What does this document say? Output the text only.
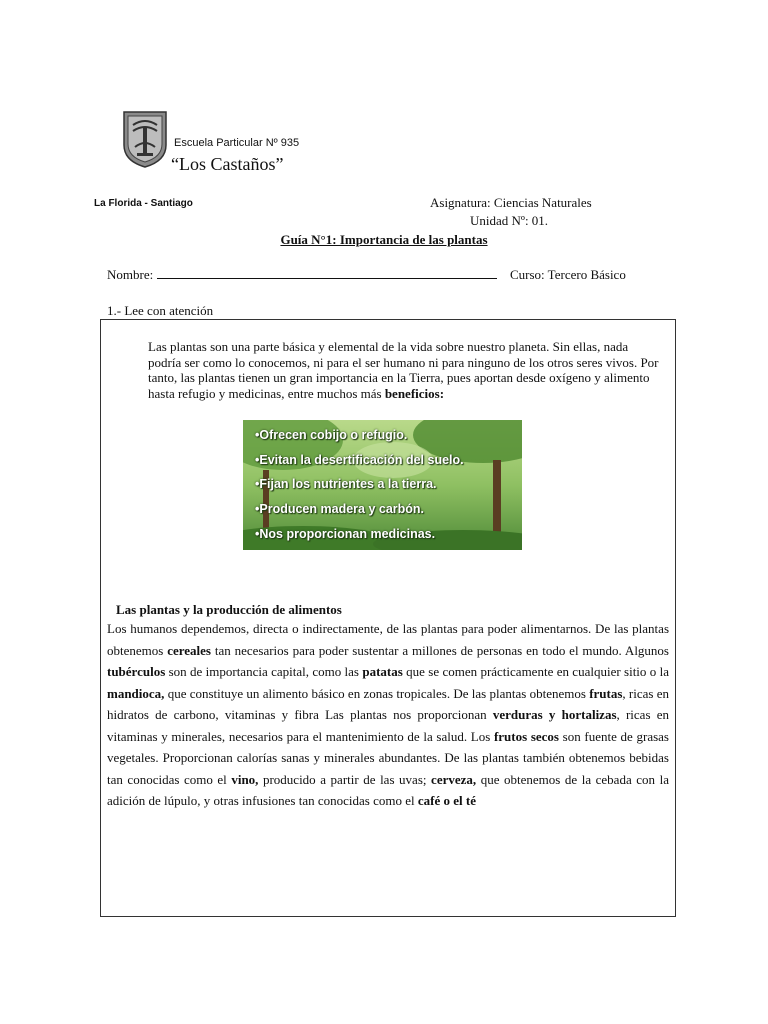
Escuela Particular Nº 935
“Los Castaños”
La Florida - Santiago	Asignatura: Ciencias Naturales
Unidad Nº: 01.
Guía N°1: Importancia de las plantas
Nombre:	Curso: Tercero Básico
1.- Lee con atención
Las plantas son una parte básica y elemental de la vida sobre nuestro planeta. Sin ellas, nada podría ser como lo conocemos, ni para el ser humano ni para ninguno de los otros seres vivos. Por tanto, las plantas tienen un gran importancia en la Tierra, pues aportan desde oxígeno y alimento hasta refugio y medicinas, entre muchos más beneficios:
•Ofrecen cobijo o refugio.
•Evitan la desertificación del suelo.
•Fijan los nutrientes a la tierra.
•Producen madera y carbón.
•Nos proporcionan medicinas.
Las plantas y la producción de alimentos
Los humanos dependemos, directa o indirectamente, de las plantas para poder alimentarnos. De las plantas obtenemos cereales tan necesarios para poder sustentar a millones de personas en todo el mundo. Algunos tubérculos son de importancia capital, como las patatas que se comen prácticamente en cualquier sitio o la mandioca, que constituye un alimento básico en zonas tropicales. De las plantas obtenemos frutas, ricas en hidratos de carbono, vitaminas y fibra Las plantas nos proporcionan verduras y hortalizas, ricas en vitaminas y minerales, necesarios para el mantenimiento de la salud. Los frutos secos son fuente de grasas vegetales. Proporcionan calorías sanas y minerales abundantes. De las plantas también obtenemos bebidas tan conocidas como el vino, producido a partir de las uvas; cerveza, que obtenemos de la cebada con la adición de lúpulo, y otras infusiones tan conocidas como el café o el té
